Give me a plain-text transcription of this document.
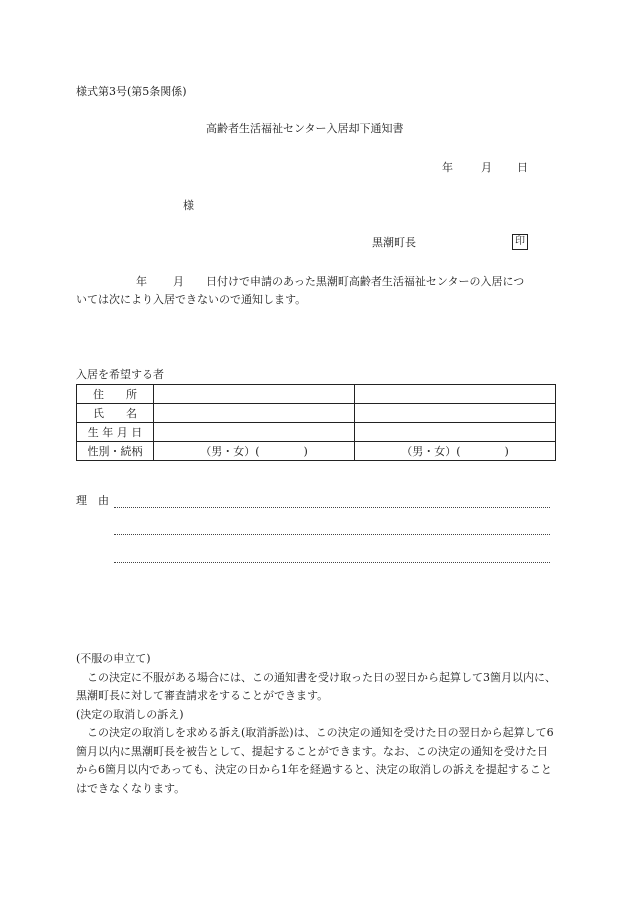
様式第3号(第5条関係)
高齢者生活福祉センター入居却下通知書
年	月 日
様
黒潮町長	印
年 月 日付けで申請のあった黒潮町高齢者生活福祉センターの入居につ
いては次により入居できないので通知します。
入居を希望する者
住　　所		
氏　　名		
生 年 月 日		
性別・続柄	（男・女）(　　　　)	（男・女）(　　　　)
理　由

(不服の申立て)

この決定に不服がある場合には、この通知書を受け取った日の翌日から起算して3箇月以内に、黒潮町長に対して審査請求をすることができます。

(決定の取消しの訴え)

この決定の取消しを求める訴え(取消訴訟)は、この決定の通知を受けた日の翌日から起算して6箇月以内に黒潮町長を被告として、提起することができます。なお、この決定の通知を受けた日から6箇月以内であっても、決定の日から1年を経過すると、決定の取消しの訴えを提起することはできなくなります。
